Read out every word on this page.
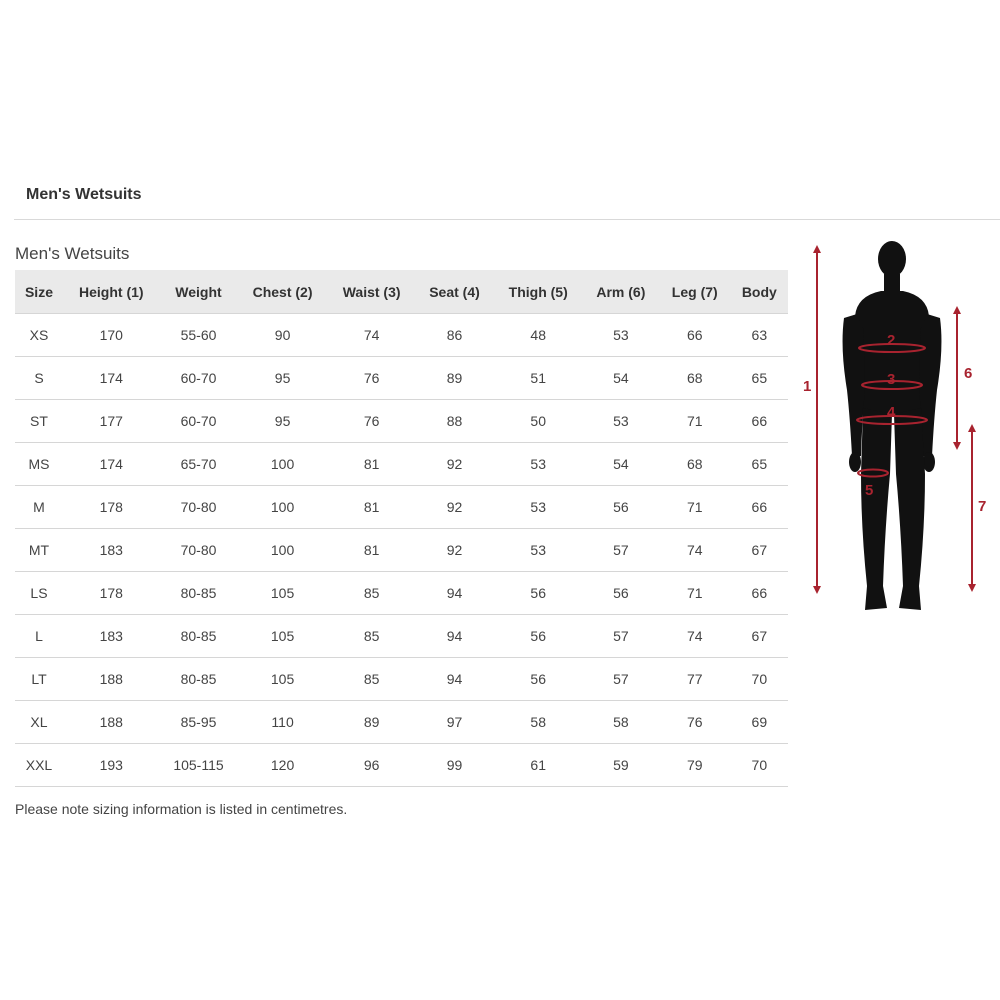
Men's Wetsuits
Men's Wetsuits
Size	Height (1)	Weight	Chest (2)	Waist (3)	Seat (4)	Thigh (5)	Arm (6)	Leg (7)	Body
XS	170	55-60	90	74	86	48	53	66	63
S	174	60-70	95	76	89	51	54	68	65
ST	177	60-70	95	76	88	50	53	71	66
MS	174	65-70	100	81	92	53	54	68	65
M	178	70-80	100	81	92	53	56	71	66
MT	183	70-80	100	81	92	53	57	74	67
LS	178	80-85	105	85	94	56	56	71	66
L	183	80-85	105	85	94	56	57	74	67
LT	188	80-85	105	85	94	56	57	77	70
XL	188	85-95	110	89	97	58	58	76	69
XXL	193	105-115	120	96	99	61	59	79	70

Please note sizing information is listed in centimetres.

1
6
7
2
3
4
5
